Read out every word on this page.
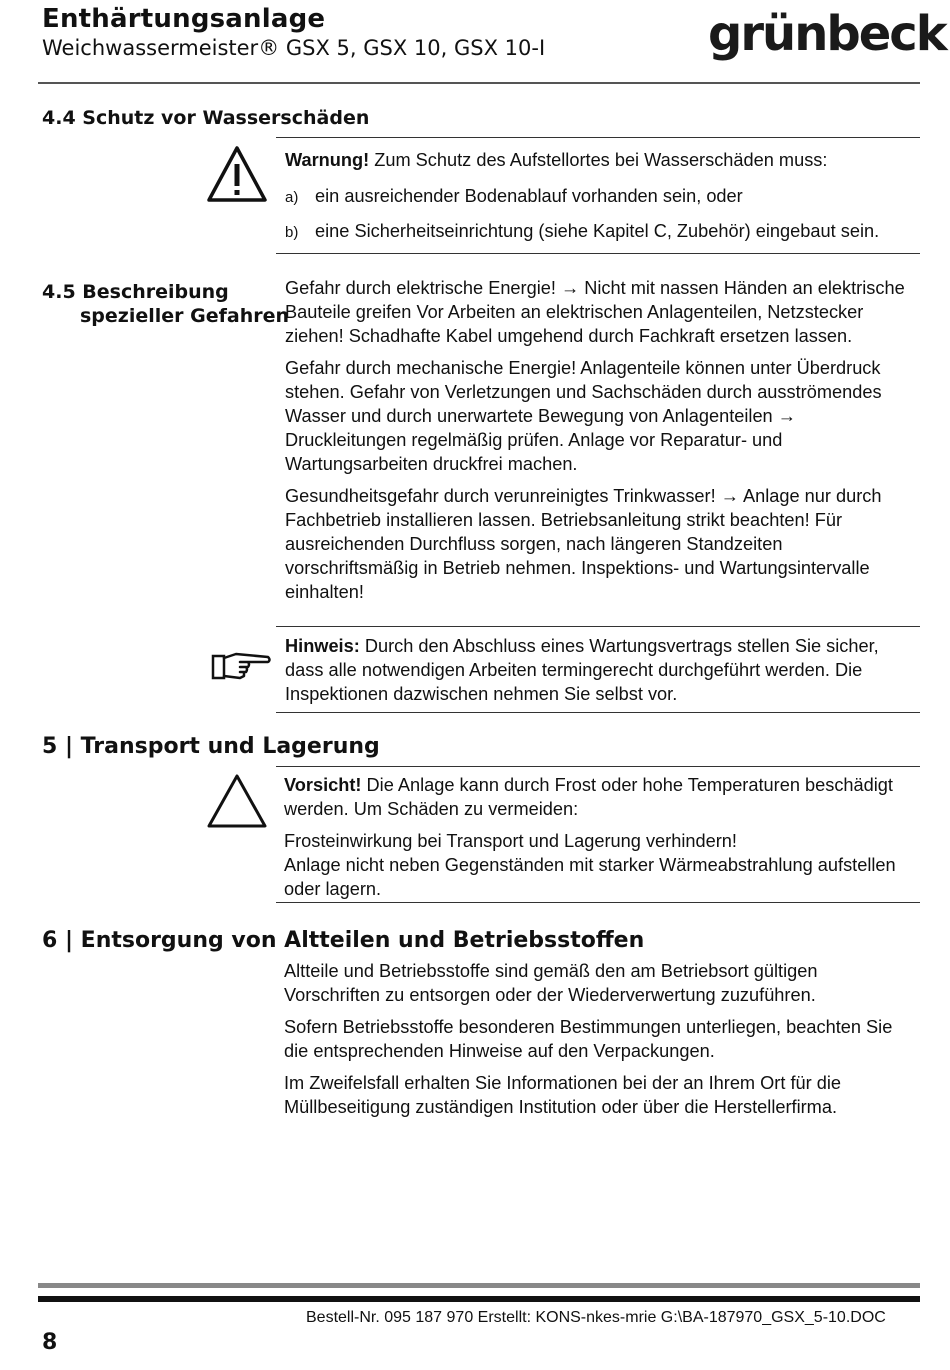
Enthärtungsanlage
Weichwassermeister® GSX 5, GSX 10, GSX 10-I	grünbeck
4.4 Schutz vor Wasserschäden

Warnung! Zum Schutz des Aufstellortes bei Wasserschäden muss:

a) ein ausreichender Bodenablauf vorhanden sein, oder
b) eine Sicherheitseinrichtung (siehe Kapitel C, Zubehör) eingebaut sein.
4.5 Beschreibung
spezieller Gefahren

Gefahr durch elektrische Energie! → Nicht mit nassen Händen an elektrische Bauteile greifen Vor Arbeiten an elektrischen Anlagenteilen, Netzstecker ziehen! Schadhafte Kabel umgehend durch Fachkraft ersetzen lassen.

Gefahr durch mechanische Energie! Anlagenteile können unter Überdruck stehen. Gefahr von Verletzungen und Sachschäden durch ausströmendes Wasser und durch unerwartete Bewegung von Anlagenteilen → Druckleitungen regelmäßig prüfen. Anlage vor Reparatur- und Wartungsarbeiten druckfrei machen.

Gesundheitsgefahr durch verunreinigtes Trinkwasser! → Anlage nur durch Fachbetrieb installieren lassen. Betriebsanleitung strikt beachten! Für ausreichenden Durchfluss sorgen, nach längeren Standzeiten vorschriftsmäßig in Betrieb nehmen. Inspektions- und Wartungsintervalle einhalten!

Hinweis: Durch den Abschluss eines Wartungsvertrags stellen Sie sicher, dass alle notwendigen Arbeiten termingerecht durchgeführt werden. Die Inspektionen dazwischen nehmen Sie selbst vor.

5 | Transport und Lagerung

Vorsicht! Die Anlage kann durch Frost oder hohe Temperaturen beschädigt werden. Um Schäden zu vermeiden:

Frosteinwirkung bei Transport und Lagerung verhindern!

Anlage nicht neben Gegenständen mit starker Wärmeabstrahlung aufstellen oder lagern.

6 | Entsorgung von Altteilen und Betriebsstoffen

Altteile und Betriebsstoffe sind gemäß den am Betriebsort gültigen Vorschriften zu entsorgen oder der Wiederverwertung zuzuführen.

Sofern Betriebsstoffe besonderen Bestimmungen unterliegen, beachten Sie die entsprechenden Hinweise auf den Verpackungen.

Im Zweifelsfall erhalten Sie Informationen bei der an Ihrem Ort für die Müllbeseitigung zuständigen Institution oder über die Herstellerfirma.

Bestell-Nr. 095 187 970 Erstellt: KONS-nkes-mrie G:\BA-187970_GSX_5-10.DOC
8
